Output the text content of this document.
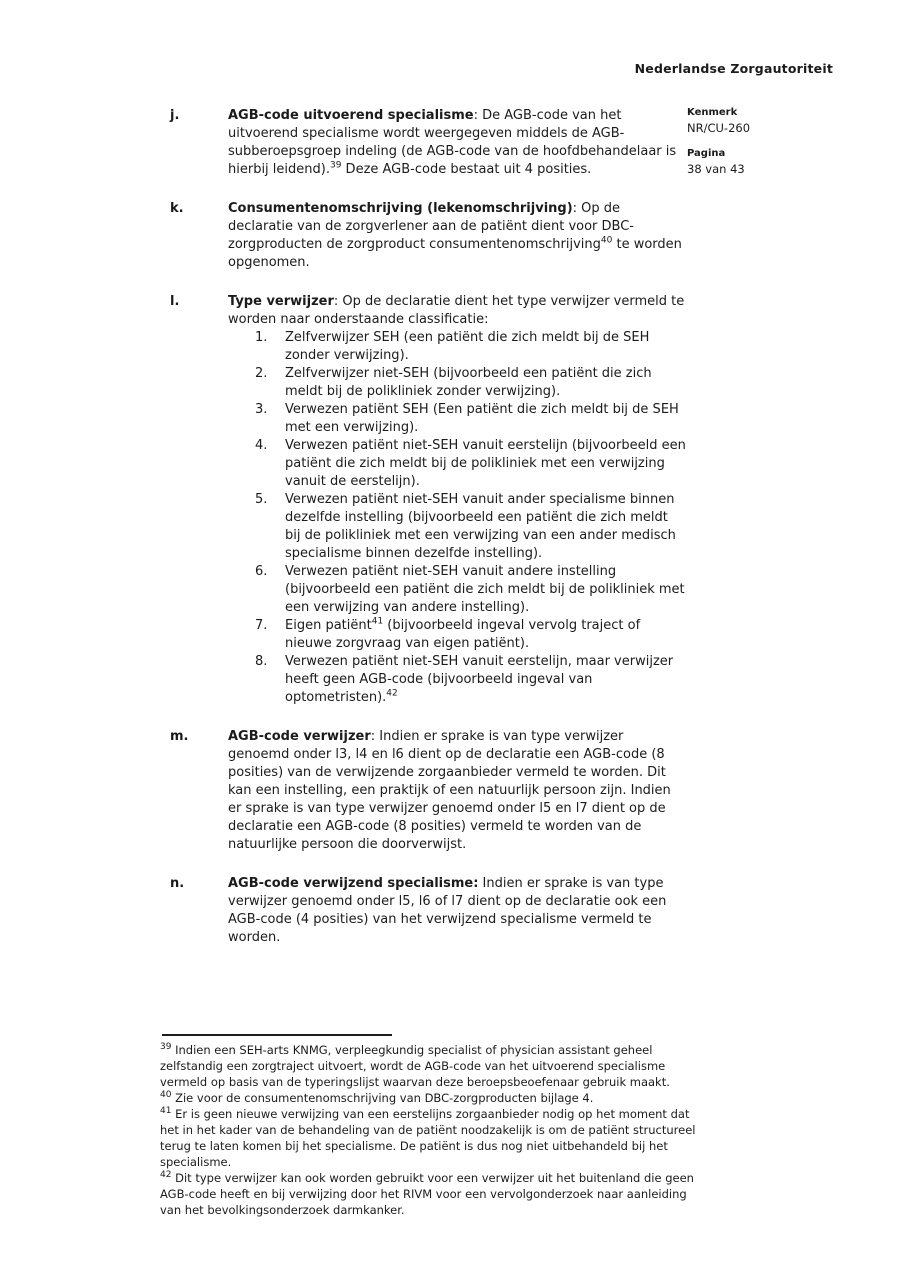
Nederlandse Zorgautoriteit
Kenmerk
NR/CU-260
Pagina
38 van 43
j.	AGB-code uitvoerend specialisme: De AGB-code van het uitvoerend specialisme wordt weergegeven middels de AGB-subberoepsgroep indeling (de AGB-code van de hoofdbehandelaar is hierbij leidend).$^{39}$ Deze AGB-code bestaat uit 4 posities.
k.	Consumentenomschrijving (lekenomschrijving): Op de declaratie van de zorgverlener aan de patiënt dient voor DBC-zorgproducten de zorgproduct consumentenomschrijving$^{40}$ te worden opgenomen.
l.	Type verwijzer: Op de declaratie dient het type verwijzer vermeld te worden naar onderstaande classificatie:
1.	Zelfverwijzer SEH (een patiënt die zich meldt bij de SEH zonder verwijzing).
2.	Zelfverwijzer niet-SEH (bijvoorbeeld een patiënt die zich meldt bij de polikliniek zonder verwijzing).
3.	Verwezen patiënt SEH (Een patiënt die zich meldt bij de SEH met een verwijzing).
4.	Verwezen patiënt niet-SEH vanuit eerstelijn (bijvoorbeeld een patiënt die zich meldt bij de polikliniek met een verwijzing vanuit de eerstelijn).
5.	Verwezen patiënt niet-SEH vanuit ander specialisme binnen dezelfde instelling (bijvoorbeeld een patiënt die zich meldt bij de polikliniek met een verwijzing van een ander medisch specialisme binnen dezelfde instelling).
6.	Verwezen patiënt niet-SEH vanuit andere instelling (bijvoorbeeld een patiënt die zich meldt bij de polikliniek met een verwijzing van andere instelling).
7.	Eigen patiënt$^{41}$ (bijvoorbeeld ingeval vervolg traject of nieuwe zorgvraag van eigen patiënt).
8.	Verwezen patiënt niet-SEH vanuit eerstelijn, maar verwijzer heeft geen AGB-code (bijvoorbeeld ingeval van optometristen).$^{42}$
m.	AGB-code verwijzer: Indien er sprake is van type verwijzer genoemd onder l3, l4 en l6 dient op de declaratie een AGB-code (8 posities) van de verwijzende zorgaanbieder vermeld te worden. Dit kan een instelling, een praktijk of een natuurlijk persoon zijn. Indien er sprake is van type verwijzer genoemd onder l5 en l7 dient op de declaratie een AGB-code (8 posities) vermeld te worden van de natuurlijke persoon die doorverwijst.
n.	AGB-code verwijzend specialisme: Indien er sprake is van type verwijzer genoemd onder l5, l6 of l7 dient op de declaratie ook een AGB-code (4 posities) van het verwijzend specialisme vermeld te worden.
$^{39}$ Indien een SEH-arts KNMG, verpleegkundig specialist of physician assistant geheel zelfstandig een zorgtraject uitvoert, wordt de AGB-code van het uitvoerend specialisme vermeld op basis van de typeringslijst waarvan deze beroepsbeoefenaar gebruik maakt.
$^{40}$ Zie voor de consumentenomschrijving van DBC-zorgproducten bijlage 4.
$^{41}$ Er is geen nieuwe verwijzing van een eerstelijns zorgaanbieder nodig op het moment dat het in het kader van de behandeling van de patiënt noodzakelijk is om de patiënt structureel terug te laten komen bij het specialisme. De patiënt is dus nog niet uitbehandeld bij het specialisme.
$^{42}$ Dit type verwijzer kan ook worden gebruikt voor een verwijzer uit het buitenland die geen AGB-code heeft en bij verwijzing door het RIVM voor een vervolgonderzoek naar aanleiding van het bevolkingsonderzoek darmkanker.
